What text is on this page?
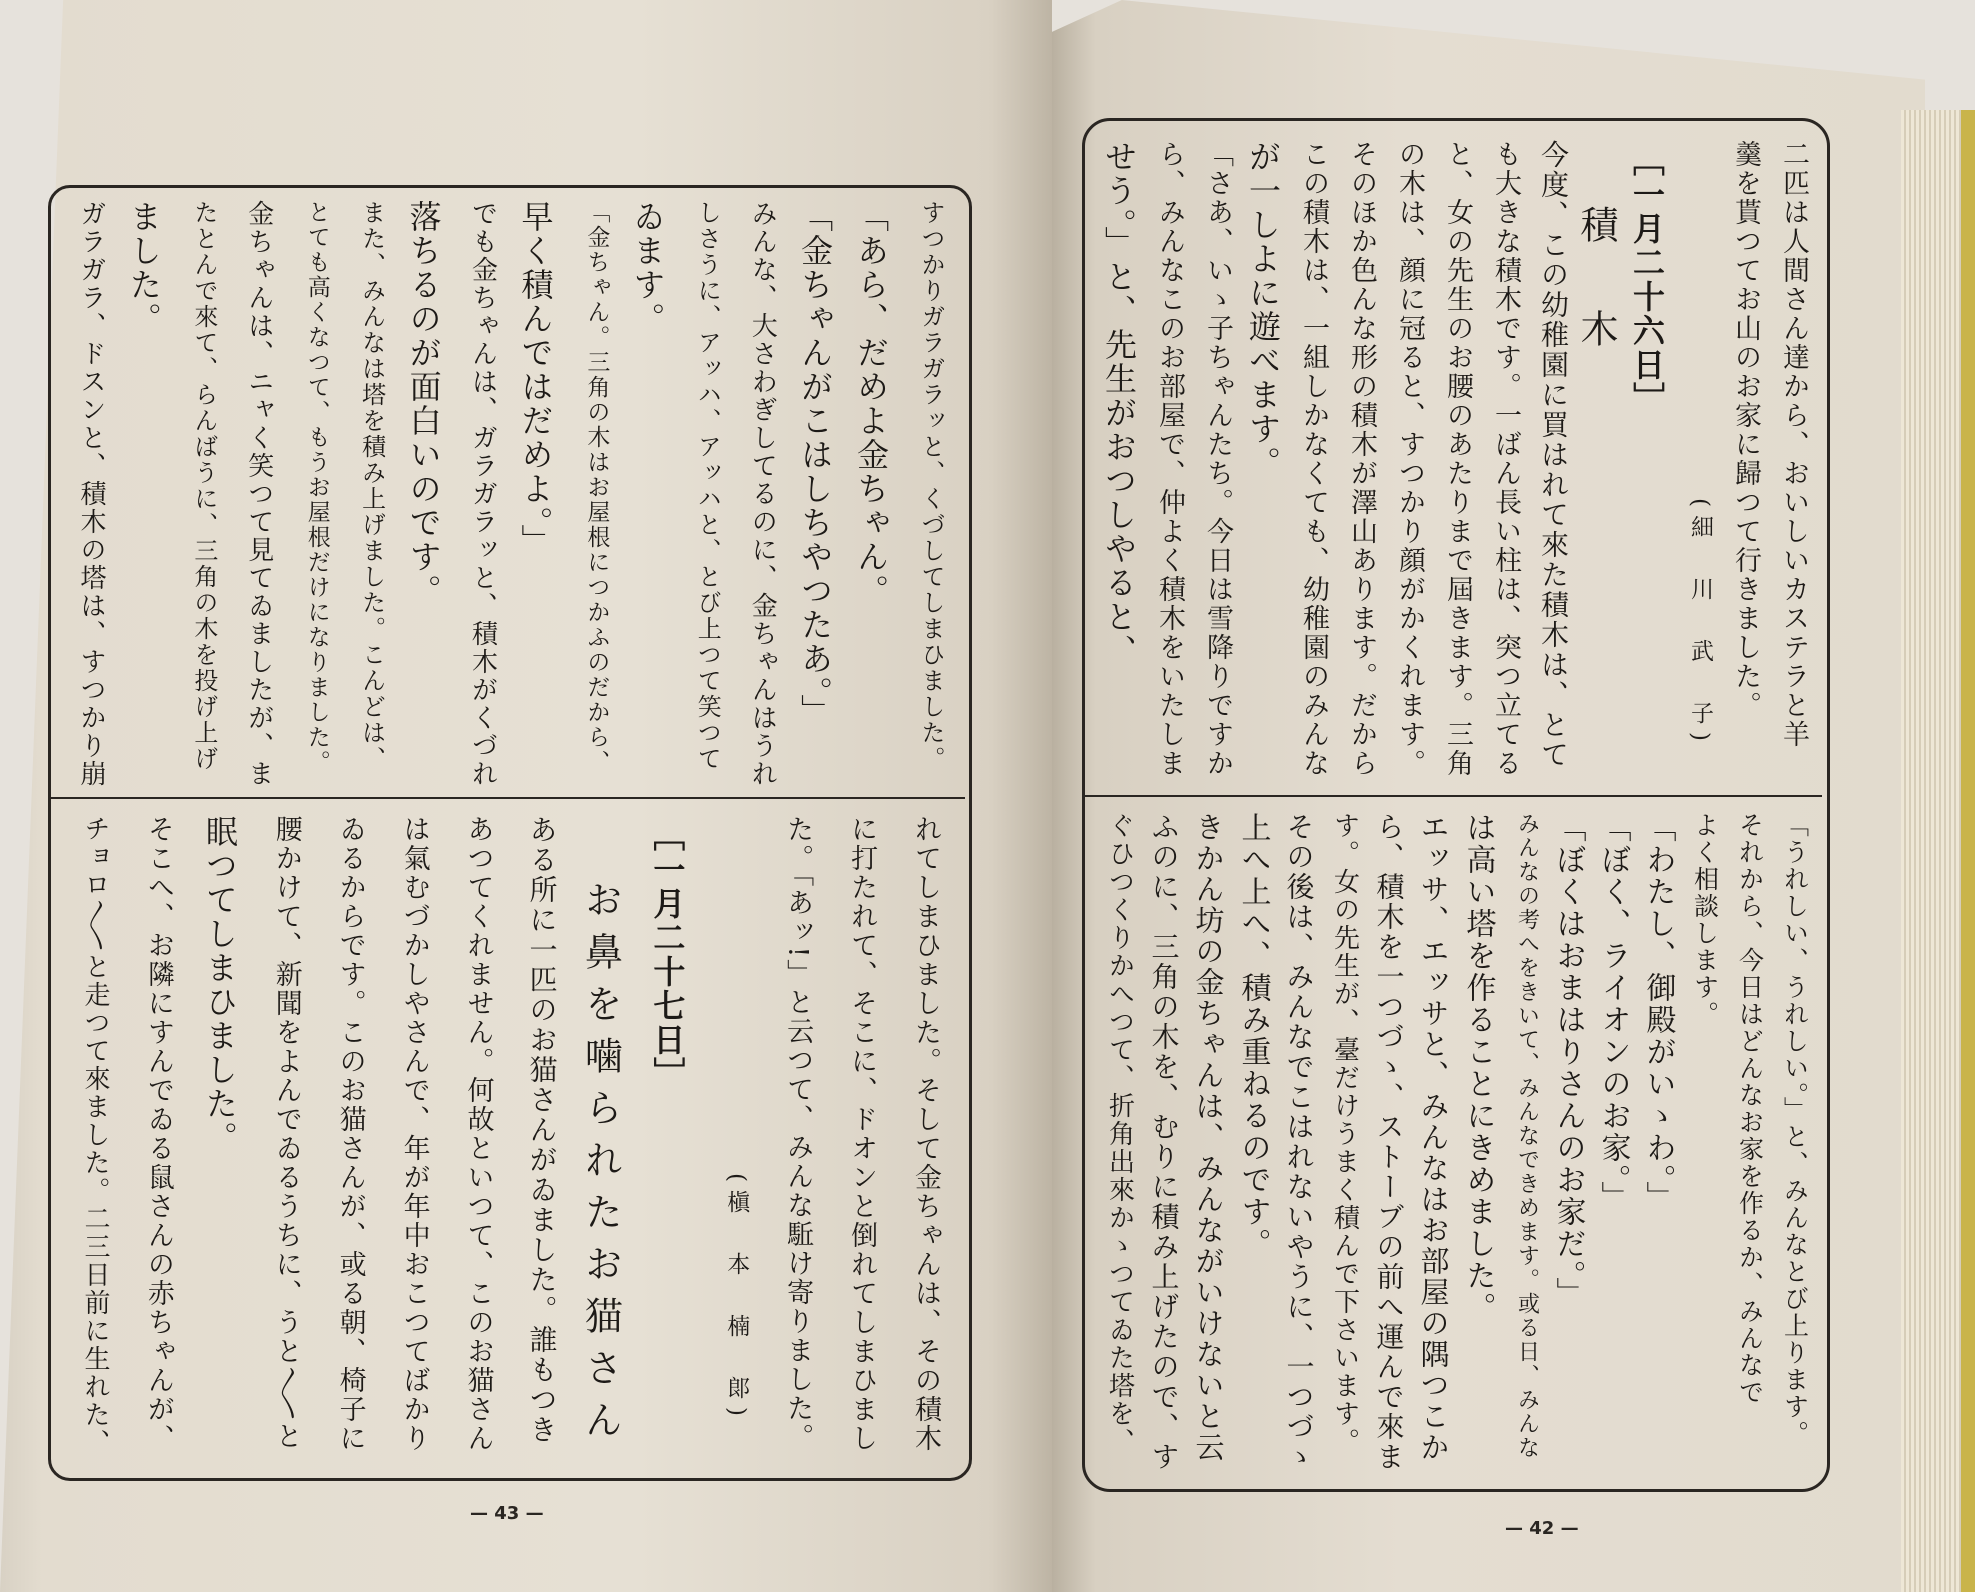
すつかりガラガラッと、くづしてしまひました。
「あら、だめよ金ちゃん。
「金ちゃんがこはしちやつたあ。」
みんな、大さわぎしてるのに、金ちゃんはうれ
しさうに、アッハ、アッハと、とび上つて笑つて
ゐます。
「金ちゃん。三角の木はお屋根につかふのだから、
早く積んではだめよ。」
でも金ちゃんは、ガラガラッと、積木がくづれ
落ちるのが面白いのです。
また、みんなは塔を積み上げました。こんどは、
とても高くなつて、もうお屋根だけになりました。
金ちゃんは、ニャく笑つて見てゐましたが、ま
たとんで來て、らんばうに、三角の木を投げ上げ
ました。
ガラガラ、ドスンと、積木の塔は、すつかり崩
れてしまひました。そして金ちゃんは、その積木
に打たれて、そこに、ドオンと倒れてしまひまし
た。「あッ!」と云つて、みんな駈け寄りました。
(槇　本　楠　郞)
［一月二十七日］
お鼻を噛られたお猫さん
ある所に一匹のお猫さんがゐました。誰もつき
あつてくれません。何故といつて、このお猫さん
は氣むづかしやさんで、年が年中おこつてばかり
ゐるからです。このお猫さんが、或る朝、椅子に
腰かけて、新聞をよんでゐるうちに、うと〳〵と
眠つてしまひました。
そこへ、お隣にすんでゐる鼠さんの赤ちゃんが、
チョロ〳〵と走つて來ました。二三日前に生れた、
— 43 —
二匹は人間さん達から、おいしいカステラと羊
羹を貰つてお山のお家に歸つて行きました。
(細　川　武　子)
［一月二十六日］
積　木
今度、この幼稚園に買はれて來た積木は、とて
も大きな積木です。一ばん長い柱は、突つ立てる
と、女の先生のお腰のあたりまで屆きます。三角
の木は、顔に冠ると、すつかり顔がかくれます。
そのほか色んな形の積木が澤山あります。だから
この積木は、一組しかなくても、幼稚園のみんな
が一しよに遊べます。
「さあ、いゝ子ちゃんたち。今日は雪降りですか
ら、みんなこのお部屋で、仲よく積木をいたしま
せう。」と、先生がおつしやると、
「うれしい、うれしい。」と、みんなとび上ります。
それから、今日はどんなお家を作るか、みんなで
よく相談します。
「わたし、御殿がいゝわ。」
「ぼく、ライオンのお家。」
「ぼくはおまはりさんのお家だ。」
みんなの考へをきいて、みんなできめます。或る日、みんな
は高い塔を作ることにきめました。
エッサ、エッサと、みんなはお部屋の隅つこか
ら、積木を一つづゝ、ストーブの前へ運んで來ま
す。女の先生が、臺だけうまく積んで下さいます。
その後は、みんなでこはれないやうに、一つづゝ
上へ上へ、積み重ねるのです。
きかん坊の金ちゃんは、みんながいけないと云
ふのに、三角の木を、むりに積み上げたので、す
ぐひつくりかへつて、折角出來かゝつてゐた塔を、
— 42 —
